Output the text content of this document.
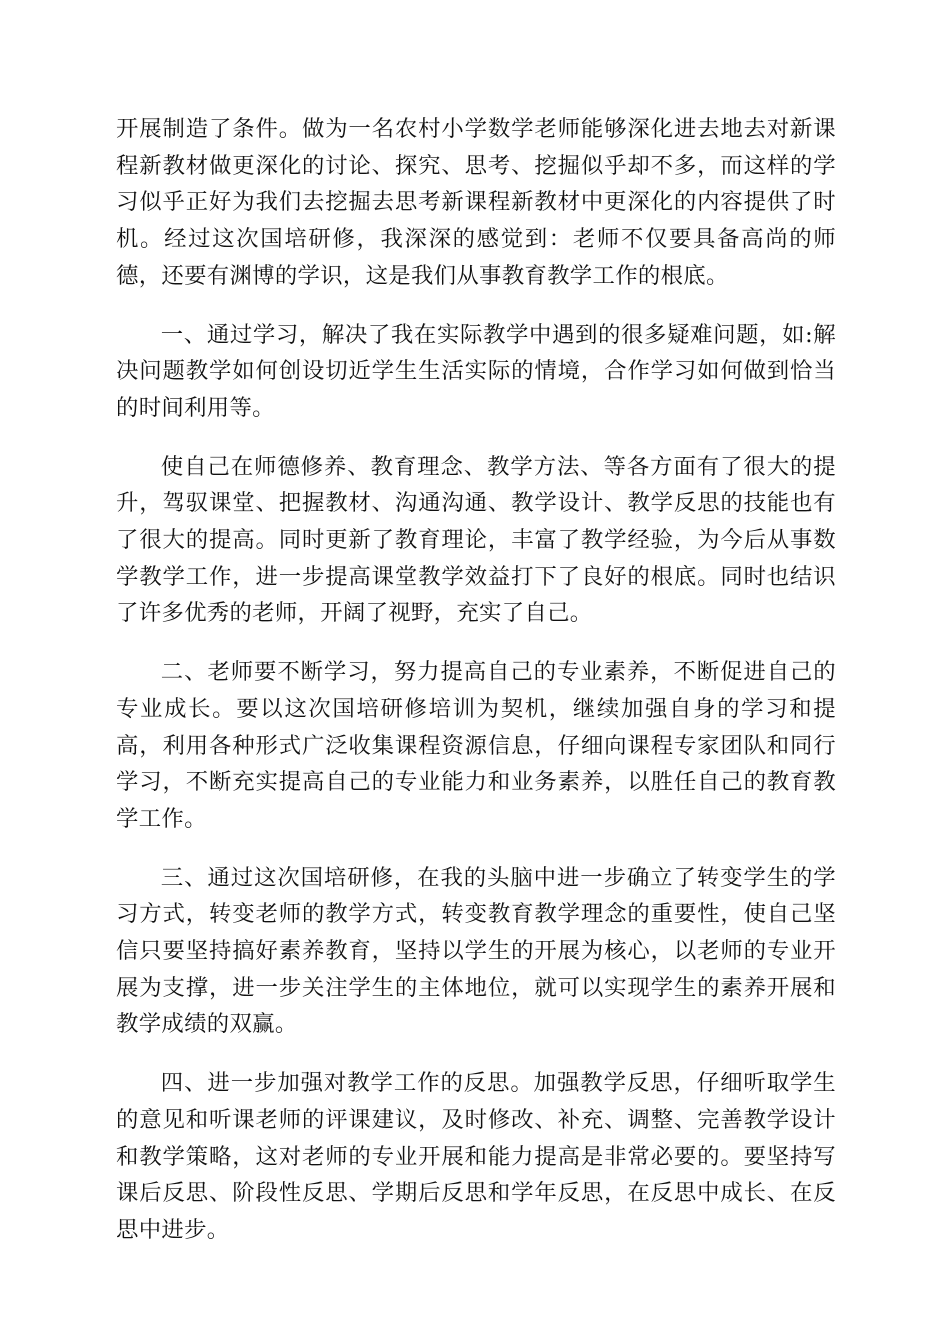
开展制造了条件。做为一名农村小学数学老师能够深化进去地去对新课程新教材做更深化的讨论、探究、思考、挖掘似乎却不多，而这样的学习似乎正好为我们去挖掘去思考新课程新教材中更深化的内容提供了时机。经过这次国培研修，我深深的感觉到：老师不仅要具备高尚的师德，还要有渊博的学识，这是我们从事教育教学工作的根底。

一、通过学习，解决了我在实际教学中遇到的很多疑难问题，如:解决问题教学如何创设切近学生生活实际的情境，合作学习如何做到恰当的时间利用等。

使自己在师德修养、教育理念、教学方法、等各方面有了很大的提升，驾驭课堂、把握教材、沟通沟通、教学设计、教学反思的技能也有了很大的提高。同时更新了教育理论，丰富了教学经验，为今后从事数学教学工作，进一步提高课堂教学效益打下了良好的根底。同时也结识了许多优秀的老师，开阔了视野，充实了自己。

二、老师要不断学习，努力提高自己的专业素养，不断促进自己的专业成长。要以这次国培研修培训为契机，继续加强自身的学习和提高，利用各种形式广泛收集课程资源信息，仔细向课程专家团队和同行学习，不断充实提高自己的专业能力和业务素养，以胜任自己的教育教学工作。

三、通过这次国培研修，在我的头脑中进一步确立了转变学生的学习方式，转变老师的教学方式，转变教育教学理念的重要性，使自己坚信只要坚持搞好素养教育，坚持以学生的开展为核心，以老师的专业开展为支撑，进一步关注学生的主体地位，就可以实现学生的素养开展和教学成绩的双赢。

四、进一步加强对教学工作的反思。加强教学反思，仔细听取学生的意见和听课老师的评课建议，及时修改、补充、调整、完善教学设计和教学策略，这对老师的专业开展和能力提高是非常必要的。要坚持写课后反思、阶段性反思、学期后反思和学年反思，在反思中成长、在反思中进步。
